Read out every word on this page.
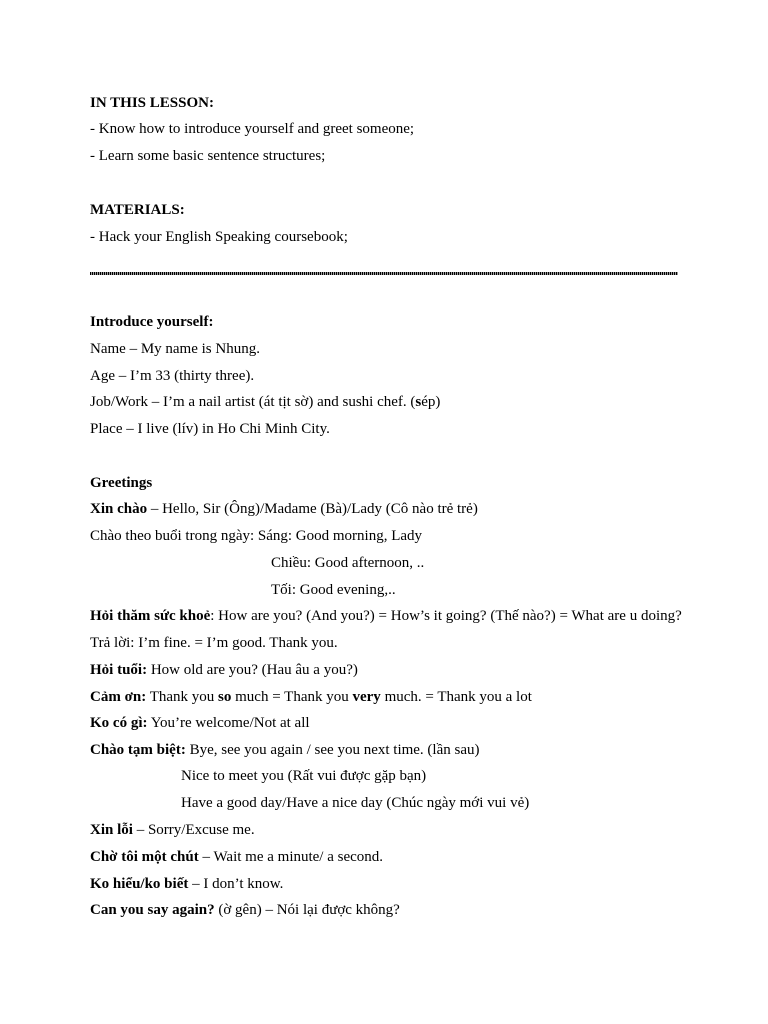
IN THIS LESSON:
- Know how to introduce yourself and greet someone;
- Learn some basic sentence structures;
MATERIALS:
- Hack your English Speaking coursebook;
Introduce yourself:
Name – My name is Nhung.
Age – I’m 33 (thirty three).
Job/Work – I’m a nail artist (át tịt sờ) and sushi chef. (sép)
Place – I live (lív) in Ho Chi Minh City.
Greetings
Xin chào – Hello, Sir (Ông)/Madame (Bà)/Lady (Cô nào trẻ trẻ)
Chào theo buổi trong ngày: Sáng: Good morning, Lady
Chiều: Good afternoon, ..
Tối: Good evening,..
Hỏi thăm sức khoẻ: How are you? (And you?) = How’s it going? (Thế nào?) = What are u doing?
Trả lời: I’m fine. = I’m good. Thank you.
Hỏi tuổi: How old are you? (Hau âu a you?)
Cảm ơn: Thank you so much = Thank you very much. = Thank you a lot
Ko có gì: You’re welcome/Not at all
Chào tạm biệt: Bye, see you again / see you next time. (lần sau)
Nice to meet you (Rất vui được gặp bạn)
Have a good day/Have a nice day (Chúc ngày mới vui vẻ)
Xin lỗi – Sorry/Excuse me.
Chờ tôi một chút – Wait me a minute/ a second.
Ko hiểu/ko biết – I don’t know.
Can you say again? (ờ gên) – Nói lại được không?
